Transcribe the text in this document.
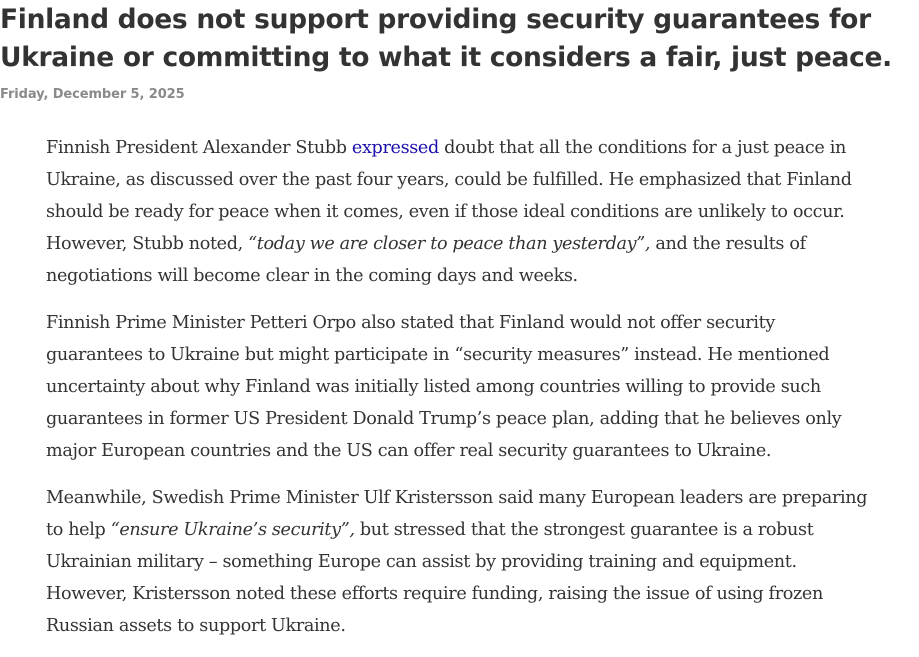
Finland does not support providing security guarantees for Ukraine or committing to what it considers a fair, just peace.
Friday, December 5, 2025

Finnish President Alexander Stubb expressed doubt that all the conditions for a just peace in Ukraine, as discussed over the past four years, could be fulfilled. He emphasized that Finland should be ready for peace when it comes, even if those ideal conditions are unlikely to occur. However, Stubb noted, “today we are closer to peace than yesterday”, and the results of negotiations will become clear in the coming days and weeks.

Finnish Prime Minister Petteri Orpo also stated that Finland would not offer security guarantees to Ukraine but might participate in “security measures” instead. He mentioned uncertainty about why Finland was initially listed among countries willing to provide such guarantees in former US President Donald Trump’s peace plan, adding that he believes only major European countries and the US can offer real security guarantees to Ukraine.

Meanwhile, Swedish Prime Minister Ulf Kristersson said many European leaders are preparing to help “ensure Ukraine’s security”, but stressed that the strongest guarantee is a robust Ukrainian military – something Europe can assist by providing training and equipment. However, Kristersson noted these efforts require funding, raising the issue of using frozen Russian assets to support Ukraine.
